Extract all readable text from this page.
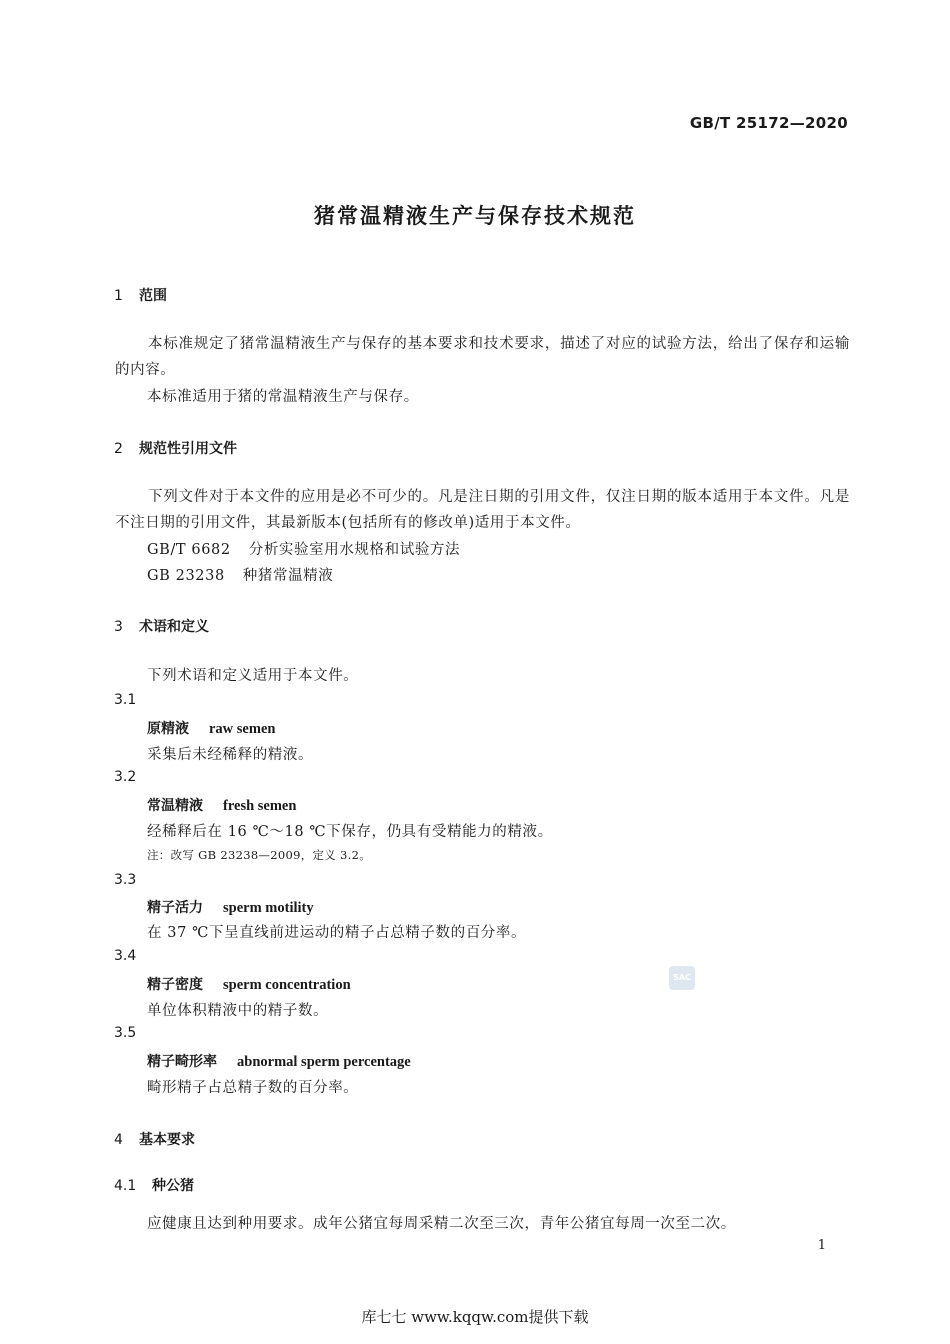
GB/T 25172—2020
猪常温精液生产与保存技术规范
1 范围
本标准规定了猪常温精液生产与保存的基本要求和技术要求，描述了对应的试验方法，给出了保存和运输的内容。
本标准适用于猪的常温精液生产与保存。
2 规范性引用文件
下列文件对于本文件的应用是必不可少的。凡是注日期的引用文件，仅注日期的版本适用于本文件。凡是不注日期的引用文件，其最新版本(包括所有的修改单)适用于本文件。
GB/T 6682 分析实验室用水规格和试验方法
GB 23238 种猪常温精液
3 术语和定义
下列术语和定义适用于本文件。
3.1
原精液 raw semen
采集后未经稀释的精液。
3.2
常温精液 fresh semen
经稀释后在 16 ℃～18 ℃下保存，仍具有受精能力的精液。
注：改写 GB 23238—2009，定义 3.2。
3.3
精子活力 sperm motility
在 37 ℃下呈直线前进运动的精子占总精子数的百分率。
3.4
精子密度 sperm concentration
单位体积精液中的精子数。
SAC
3.5
精子畸形率 abnormal sperm percentage
畸形精子占总精子数的百分率。
4 基本要求
4.1 种公猪
应健康且达到种用要求。成年公猪宜每周采精二次至三次，青年公猪宜每周一次至二次。
1
库七七 www.kqqw.com提供下载
